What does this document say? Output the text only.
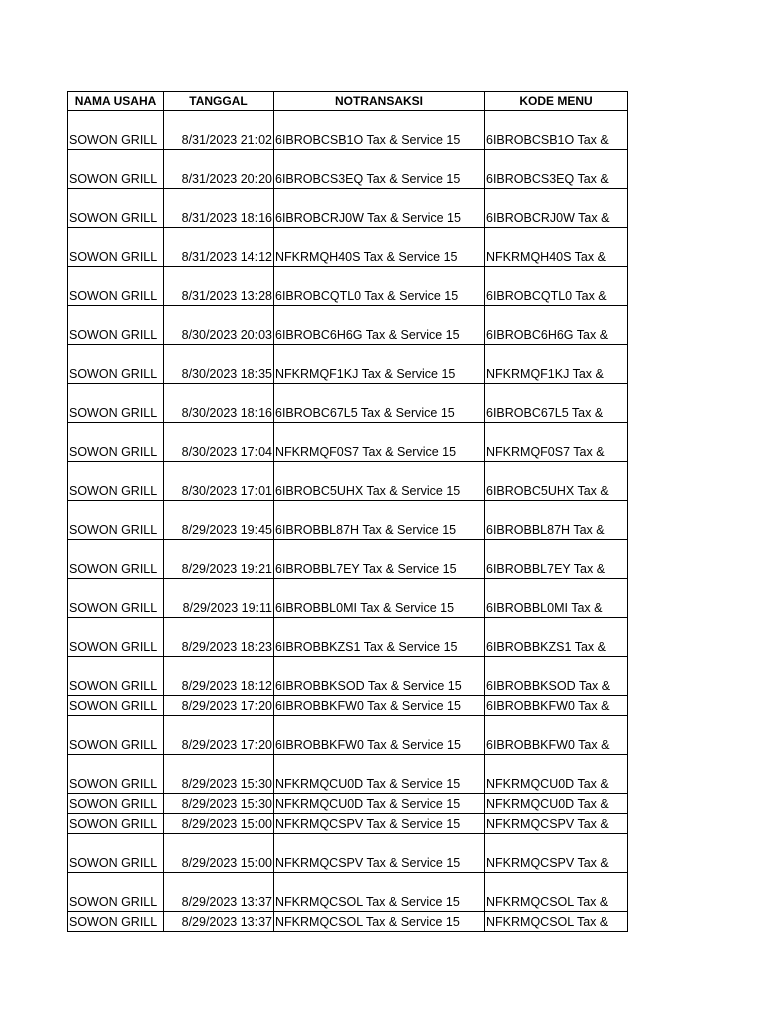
NAMA USAHA	TANGGAL	NOTRANSAKSI	KODE MENU
SOWON GRILL	8/31/2023 21:02	6IBROBCSB1O Tax & Service 15	6IBROBCSB1O Tax &
SOWON GRILL	8/31/2023 20:20	6IBROBCS3EQ Tax & Service 15	6IBROBCS3EQ Tax &
SOWON GRILL	8/31/2023 18:16	6IBROBCRJ0W Tax & Service 15	6IBROBCRJ0W Tax &
SOWON GRILL	8/31/2023 14:12	NFKRMQH40S Tax & Service 15	NFKRMQH40S Tax &
SOWON GRILL	8/31/2023 13:28	6IBROBCQTL0 Tax & Service 15	6IBROBCQTL0 Tax &
SOWON GRILL	8/30/2023 20:03	6IBROBC6H6G Tax & Service 15	6IBROBC6H6G Tax &
SOWON GRILL	8/30/2023 18:35	NFKRMQF1KJ Tax & Service 15	NFKRMQF1KJ Tax &
SOWON GRILL	8/30/2023 18:16	6IBROBC67L5 Tax & Service 15	6IBROBC67L5 Tax &
SOWON GRILL	8/30/2023 17:04	NFKRMQF0S7 Tax & Service 15	NFKRMQF0S7 Tax &
SOWON GRILL	8/30/2023 17:01	6IBROBC5UHX Tax & Service 15	6IBROBC5UHX Tax &
SOWON GRILL	8/29/2023 19:45	6IBROBBL87H Tax & Service 15	6IBROBBL87H Tax &
SOWON GRILL	8/29/2023 19:21	6IBROBBL7EY Tax & Service 15	6IBROBBL7EY Tax &
SOWON GRILL	8/29/2023 19:11	6IBROBBL0MI Tax & Service 15	6IBROBBL0MI Tax &
SOWON GRILL	8/29/2023 18:23	6IBROBBKZS1 Tax & Service 15	6IBROBBKZS1 Tax &
SOWON GRILL	8/29/2023 18:12	6IBROBBKSOD Tax & Service 15	6IBROBBKSOD Tax &
SOWON GRILL	8/29/2023 17:20	6IBROBBKFW0 Tax & Service 15	6IBROBBKFW0 Tax &
SOWON GRILL	8/29/2023 17:20	6IBROBBKFW0 Tax & Service 15	6IBROBBKFW0 Tax &
SOWON GRILL	8/29/2023 15:30	NFKRMQCU0D Tax & Service 15	NFKRMQCU0D Tax &
SOWON GRILL	8/29/2023 15:30	NFKRMQCU0D Tax & Service 15	NFKRMQCU0D Tax &
SOWON GRILL	8/29/2023 15:00	NFKRMQCSPV Tax & Service 15	NFKRMQCSPV Tax &
SOWON GRILL	8/29/2023 15:00	NFKRMQCSPV Tax & Service 15	NFKRMQCSPV Tax &
SOWON GRILL	8/29/2023 13:37	NFKRMQCSOL Tax & Service 15	NFKRMQCSOL Tax &
SOWON GRILL	8/29/2023 13:37	NFKRMQCSOL Tax & Service 15	NFKRMQCSOL Tax &
